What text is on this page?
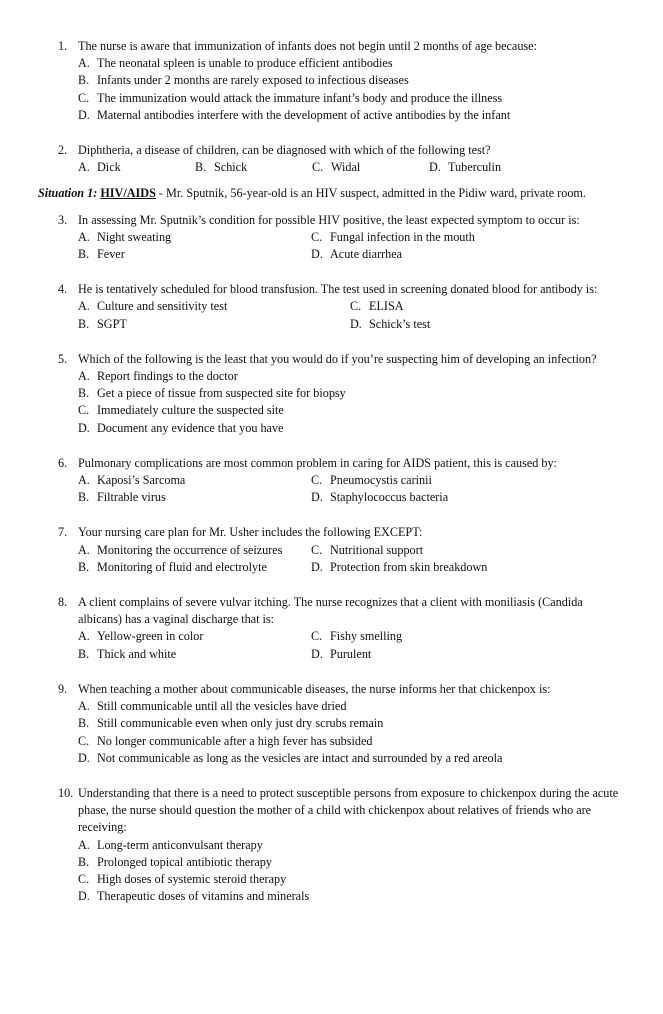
1. The nurse is aware that immunization of infants does not begin until 2 months of age because:
A. The neonatal spleen is unable to produce efficient antibodies
B. Infants under 2 months are rarely exposed to infectious diseases
C. The immunization would attack the immature infant’s body and produce the illness
D. Maternal antibodies interfere with the development of active antibodies by the infant
2. Diphtheria, a disease of children, can be diagnosed with which of the following test?
A. Dick	B. Schick	C. Widal	D. Tuberculin
Situation 1: HIV/AIDS - Mr. Sputnik, 56-year-old is an HIV suspect, admitted in the Pidiw ward, private room.
3. In assessing Mr. Sputnik’s condition for possible HIV positive, the least expected symptom to occur is:
A. Night sweating	C. Fungal infection in the mouth
B. Fever	D. Acute diarrhea
4. He is tentatively scheduled for blood transfusion. The test used in screening donated blood for antibody is:
A. Culture and sensitivity test	C. ELISA
B. SGPT	D. Schick’s test
5. Which of the following is the least that you would do if you’re suspecting him of developing an infection?
A. Report findings to the doctor
B. Get a piece of tissue from suspected site for biopsy
C. Immediately culture the suspected site
D. Document any evidence that you have
6. Pulmonary complications are most common problem in caring for AIDS patient, this is caused by:
A. Kaposi’s Sarcoma	C. Pneumocystis carinii
B. Filtrable virus	D. Staphylococcus bacteria
7. Your nursing care plan for Mr. Usher includes the following EXCEPT:
A. Monitoring the occurrence of seizures C. Nutritional support
B. Monitoring of fluid and electrolyte	D. Protection from skin breakdown
8. A client complains of severe vulvar itching. The nurse recognizes that a client with moniliasis (Candida albicans) has a vaginal discharge that is:
A. Yellow-green in color	C. Fishy smelling
B. Thick and white	D. Purulent
9. When teaching a mother about communicable diseases, the nurse informs her that chickenpox is:
A. Still communicable until all the vesicles have dried
B. Still communicable even when only just dry scrubs remain
C. No longer communicable after a high fever has subsided
D. Not communicable as long as the vesicles are intact and surrounded by a red areola
10. Understanding that there is a need to protect susceptible persons from exposure to chickenpox during the acute phase, the nurse should question the mother of a child with chickenpox about relatives of friends who are receiving:
A. Long-term anticonvulsant therapy
B. Prolonged topical antibiotic therapy
C. High doses of systemic steroid therapy
D. Therapeutic doses of vitamins and minerals
